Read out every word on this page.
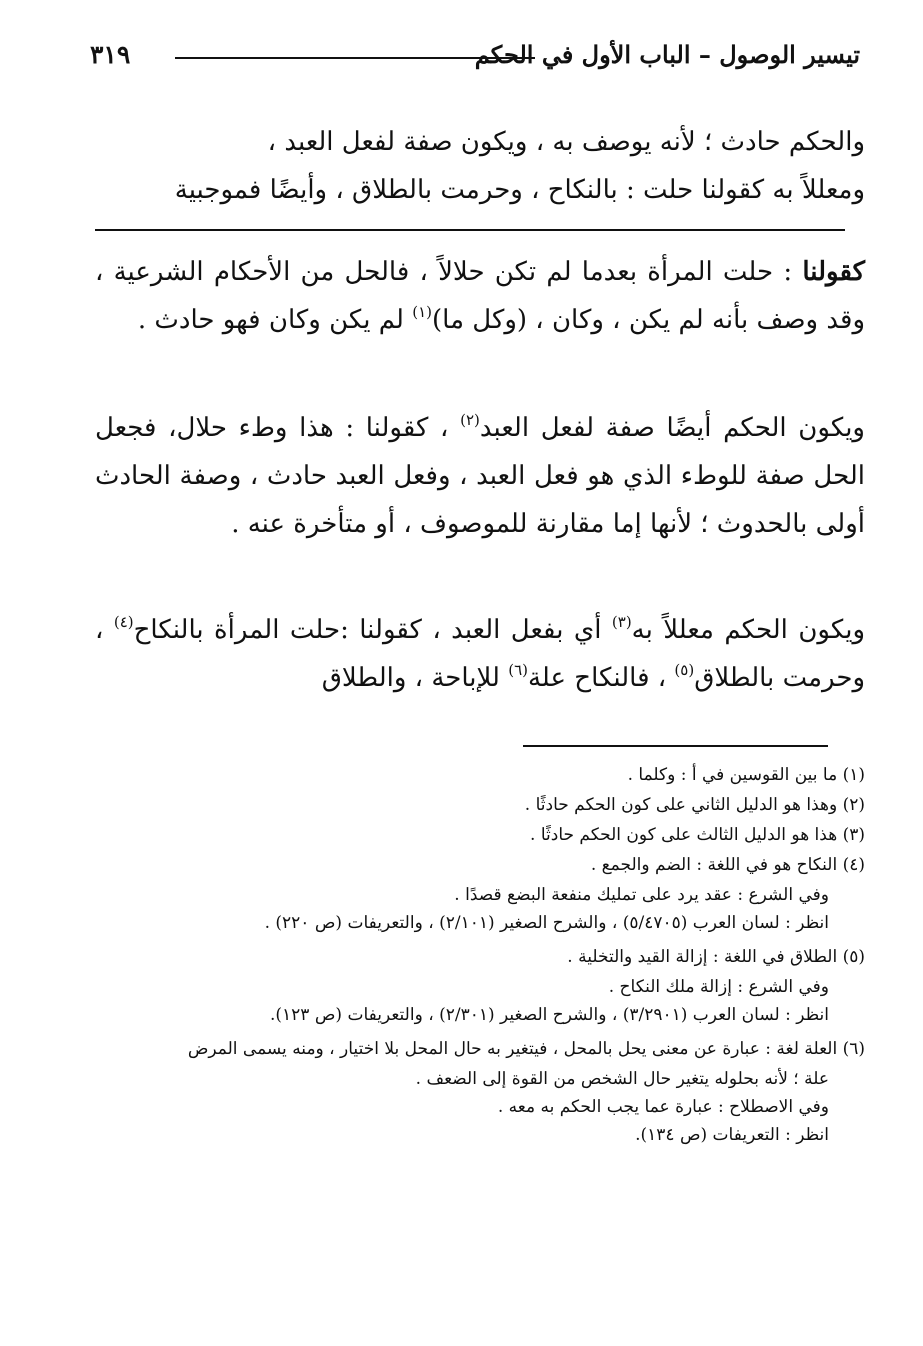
تيسير الوصول – الباب الأول في الحكم
٣١٩
والحكم حادث ؛ لأنه يوصف به ، ويكون صفة لفعل العبد ،
ومعللاً به كقولنا حلت : بالنكاح ، وحرمت بالطلاق ، وأيضًا فموجبية
كقولنا : حلت المرأة بعدما لم تكن حلالاً ، فالحل من الأحكام الشرعية ، وقد وصف بأنه لم يكن ، وكان ، (وكل ما)$^{(١)}$ لم يكن وكان فهو حادث .
ويكون الحكم أيضًا صفة لفعل العبد$^{(٢)}$ ، كقولنا : هذا وطء حلال، فجعل الحل صفة للوطء الذي هو فعل العبد ، وفعل العبد حادث ، وصفة الحادث أولى بالحدوث ؛ لأنها إما مقارنة للموصوف ، أو متأخرة عنه .
ويكون الحكم معللاً به$^{(٣)}$ أي بفعل العبد ، كقولنا :حلت المرأة بالنكاح$^{(٤)}$ ، وحرمت بالطلاق$^{(٥)}$ ، فالنكاح علة$^{(٦)}$ للإباحة ، والطلاق

(١) ما بين القوسين في أ : وكلما .

(٢) وهذا هو الدليل الثاني على كون الحكم حادثًا .

(٣) هذا هو الدليل الثالث على كون الحكم حادثًا .

(٤) النكاح هو في اللغة : الضم والجمع .

وفي الشرع : عقد يرد على تمليك منفعة البضع قصدًا .

انظر : لسان العرب (٥/٤٧٠٥) ، والشرح الصغير (٢/١٠١) ، والتعريفات (ص ٢٢٠) .

(٥) الطلاق في اللغة : إزالة القيد والتخلية .

وفي الشرع : إزالة ملك النكاح .

انظر : لسان العرب (٣/٢٩٠١) ، والشرح الصغير (٢/٣٠١) ، والتعريفات (ص ١٢٣).

(٦) العلة لغة : عبارة عن معنى يحل بالمحل ، فيتغير به حال المحل بلا اختيار ، ومنه يسمى المرض

علة ؛ لأنه بحلوله يتغير حال الشخص من القوة إلى الضعف .

وفي الاصطلاح : عبارة عما يجب الحكم به معه .

انظر : التعريفات (ص ١٣٤).
